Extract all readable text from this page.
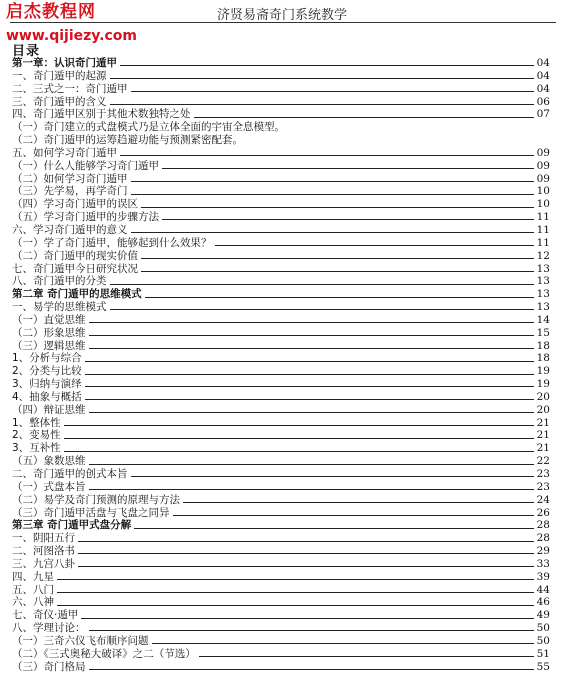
启杰教程网
www.qijiezy.com
济贤易斋奇门系统教学
目录
第一章：认识奇门遁甲	04
一、奇门遁甲的起源	04
二、三式之一：奇门遁甲	04
三、奇门遁甲的含义	06
四、奇门遁甲区别于其他术数独特之处	07
（一）奇门建立的式盘模式乃是立体全面的宇宙全息模型。
（二）奇门遁甲的运筹趋避功能与预测紧密配套。
五、如何学习奇门遁甲	09
（一）什么人能够学习奇门遁甲	09
（二）如何学习奇门遁甲	09
（三）先学易，再学奇门	10
（四）学习奇门遁甲的误区	10
（五）学习奇门遁甲的步骤方法	11
六、学习奇门遁甲的意义	11
（一）学了奇门遁甲，能够起到什么效果？	11
（二）奇门遁甲的现实价值	12
七、奇门遁甲今日研究状况	13
八、奇门遁甲的分类	13
第二章 奇门遁甲的思维模式	13
一、易学的思维模式	13
（一）直觉思维	14
（二）形象思维	15
（三）逻辑思维	18
1、分析与综合	18
2、分类与比较	19
3、归纳与演绎	19
4、抽象与概括	20
（四）辩证思维	20
1、整体性	21
2、变易性	21
3、互补性	21
（五）象数思维	22
二、奇门遁甲的创式本旨	23
（一）式盘本旨	23
（二）易学及奇门预测的原理与方法	24
（三）奇门遁甲活盘与飞盘之同异	26
第三章 奇门遁甲式盘分解	28
一、阴阳五行	28
二、河图洛书	29
三、九宫八卦	33
四、九星	39
五、八门	44
六、八神	46
七、奇仪·遁甲	49
八、学理讨论：	50
（一）三奇六仪飞布顺序问题	50
（二）《三式奥秘大破译》之二（节选）	51
（三）奇门格局	55
